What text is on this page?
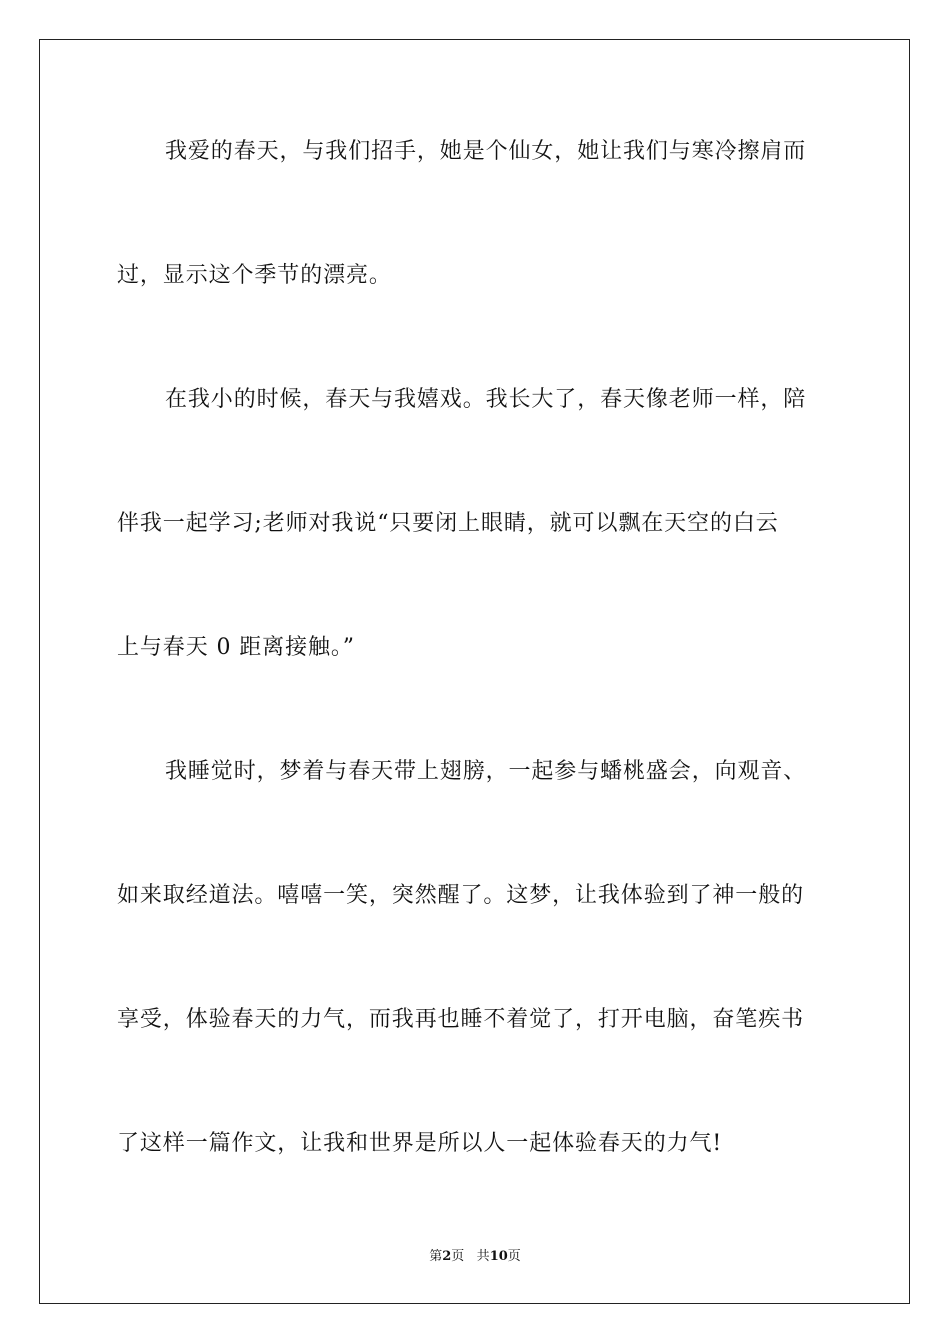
我爱的春天，与我们招手，她是个仙女，她让我们与寒冷擦肩而
过，显示这个季节的漂亮。
在我小的时候，春天与我嬉戏。我长大了，春天像老师一样，陪
伴我一起学习;老师对我说“只要闭上眼睛，就可以飘在天空的白云
上与春天 0 距离接触。”
我睡觉时，梦着与春天带上翅膀，一起参与蟠桃盛会，向观音、
如来取经道法。嘻嘻一笑，突然醒了。这梦，让我体验到了神一般的
享受，体验春天的力气，而我再也睡不着觉了，打开电脑，奋笔疾书
了这样一篇作文，让我和世界是所以人一起体验春天的力气!
第2页 共10页
